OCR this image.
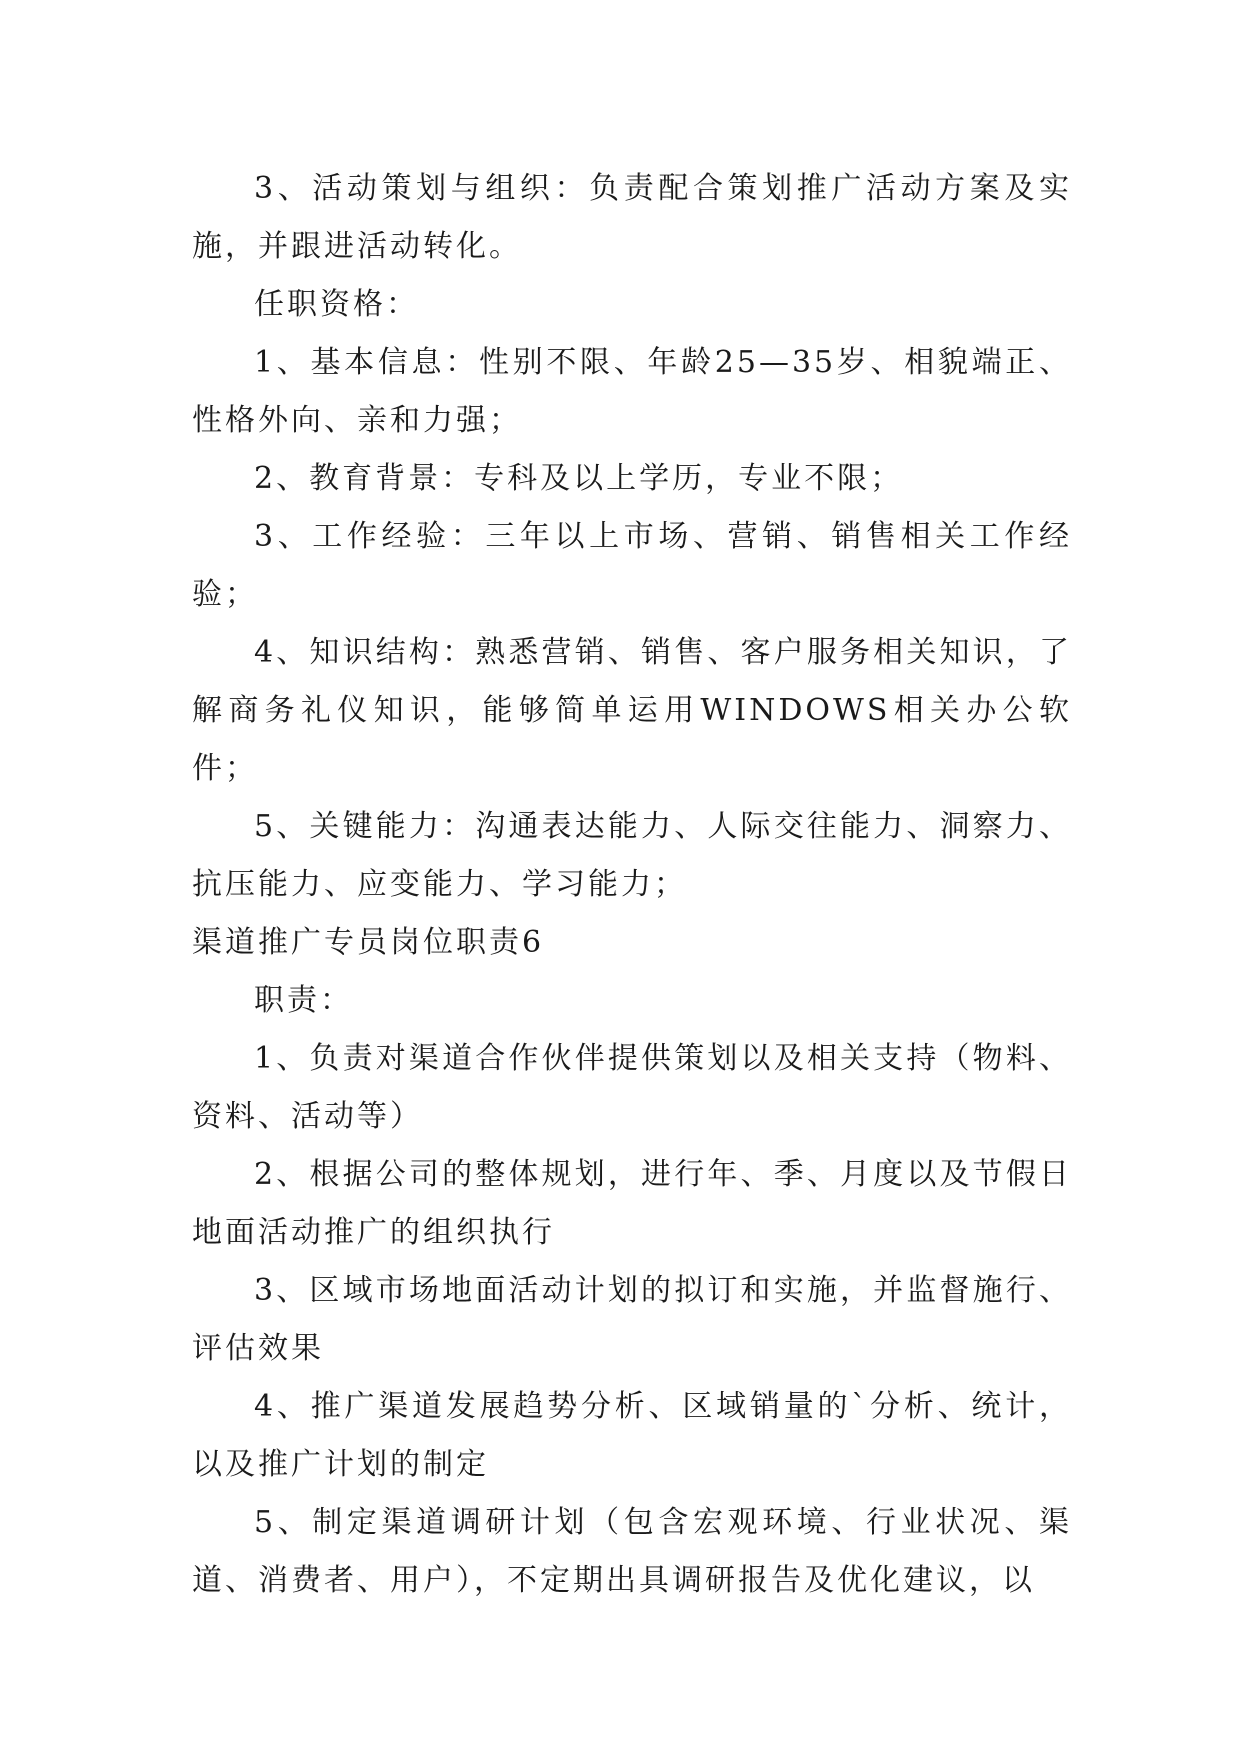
3、活动策划与组织：负责配合策划推广活动方案及实施，并跟进活动转化。

任职资格：

1、基本信息：性别不限、年龄25—35岁、相貌端正、性格外向、亲和力强；

2、教育背景：专科及以上学历，专业不限；

3、工作经验：三年以上市场、营销、销售相关工作经验；

4、知识结构：熟悉营销、销售、客户服务相关知识，了解商务礼仪知识，能够简单运用WINDOWS相关办公软件；

5、关键能力：沟通表达能力、人际交往能力、洞察力、抗压能力、应变能力、学习能力；

渠道推广专员岗位职责6

职责：

1、负责对渠道合作伙伴提供策划以及相关支持（物料、资料、活动等）

2、根据公司的整体规划，进行年、季、月度以及节假日地面活动推广的组织执行

3、区域市场地面活动计划的拟订和实施，并监督施行、评估效果

4、推广渠道发展趋势分析、区域销量的`分析、统计，以及推广计划的制定

5、制定渠道调研计划（包含宏观环境、行业状况、渠道、消费者、用户），不定期出具调研报告及优化建议，以
